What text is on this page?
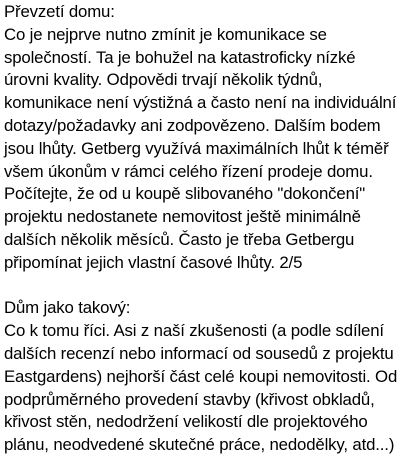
Převzetí domu:
Co je nejprve nutno zmínit je komunikace se
společností. Ta je bohužel na katastroficky nízké
úrovni kvality. Odpovědi trvají několik týdnů,
komunikace není výstižná a často není na individuální
dotazy/požadavky ani zodpovězeno. Dalším bodem
jsou lhůty. Getberg využívá maximálních lhůt k téměř
všem úkonům v rámci celého řízení prodeje domu.
Počítejte, že od u koupě slibovaného "dokončení"
projektu nedostanete nemovitost ještě minimálně
dalších několik měsíců. Často je třeba Getbergu
připomínat jejich vlastní časové lhůty. 2/5
Dům jako takový:
Co k tomu říci. Asi z naší zkušenosti (a podle sdílení
dalších recenzí nebo informací od sousedů z projektu
Eastgardens) nejhorší část celé koupi nemovitosti. Od
podprůměrného provedení stavby (křivost obkladů,
křivost stěn, nedodržení velikostí dle projektového
plánu, neodvedené skutečné práce, nedodělky, atd...)
